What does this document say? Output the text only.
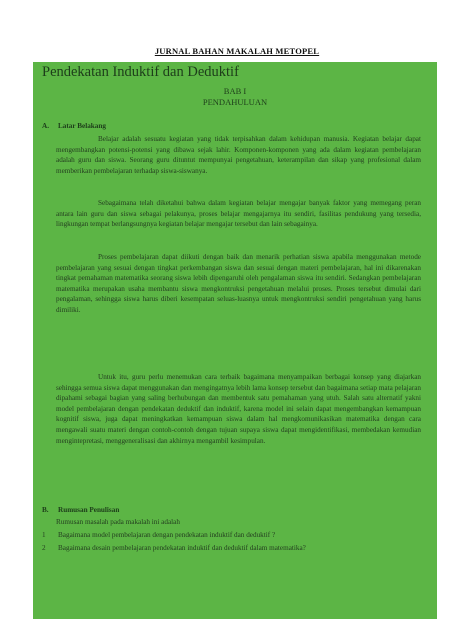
JURNAL BAHAN MAKALAH METOPEL
Pendekatan Induktif dan Deduktif
BAB I
PENDAHULUAN
A. Latar Belakang
Belajar adalah sesuatu kegiatan yang tidak terpisahkan dalam kehidupan manusia. Kegiatan belajar dapat mengembangkan potensi-potensi yang dibawa sejak lahir. Komponen-komponen yang ada dalam kegiatan pembelajaran adalah guru dan siswa. Seorang guru dituntut mempunyai pengetahuan, keterampilan dan sikap yang profesional dalam memberikan pembelajaran terhadap siswa-siswanya.
Sebagaimana telah diketahui bahwa dalam kegiatan belajar mengajar banyak faktor yang memegang peran antara lain guru dan siswa sebagai pelakunya, proses belajar mengajarnya itu sendiri, fasilitas pendukung yang tersedia, lingkungan tempat berlangsungnya kegiatan belajar mengajar tersebut dan lain sebagainya.
Proses pembelajaran dapat diikuti dengan baik dan menarik perhatian siswa apabila menggunakan metode pembelajaran yang sesuai dengan tingkat perkembangan siswa dan sesuai dengan materi pembelajaran, hal ini dikarenakan tingkat pemahaman matematika seorang siswa lebih dipengaruhi oleh pengalaman siswa itu sendiri. Sedangkan pembelajaran matematika merupakan usaha membantu siswa mengkontruksi pengetahuan melalui proses. Proses tersebut dimulai dari pengalaman, sehingga siswa harus diberi kesempatan seluas-luasnya untuk mengkontruksi sendiri pengetahuan yang harus dimiliki.
Untuk itu, guru perlu menemukan cara terbaik bagaimana menyampaikan berbagai konsep yang diajarkan sehingga semua siswa dapat menggunakan dan mengingatnya lebih lama konsep tersebut dan bagaimana setiap mata pelajaran dipahami sebagai bagian yang saling berhubungan dan membentuk satu pemahaman yang utuh. Salah satu alternatif yakni model pembelajaran dengan pendekatan deduktif dan induktif, karena model ini selain dapat mengembangkan kemampuan kognitif siswa, juga dapat meningkatkan kemampuan siswa dalam hal mengkomunikasikan matematika dengan cara mengawali suatu materi dengan contoh-contoh dengan tujuan supaya siswa dapat mengidentifikasi, membedakan kemudian mengintepretasi, menggeneralisasi dan akhirnya mengambil kesimpulan.
B. Rumusan Penulisan
Rumusan masalah pada makalah ini adalah
1 Bagaimana model pembelajaran dengan pendekatan induktif dan deduktif ?
2 Bagaimana desain pembelajaran pendekatan induktif dan deduktif dalam matematika?
